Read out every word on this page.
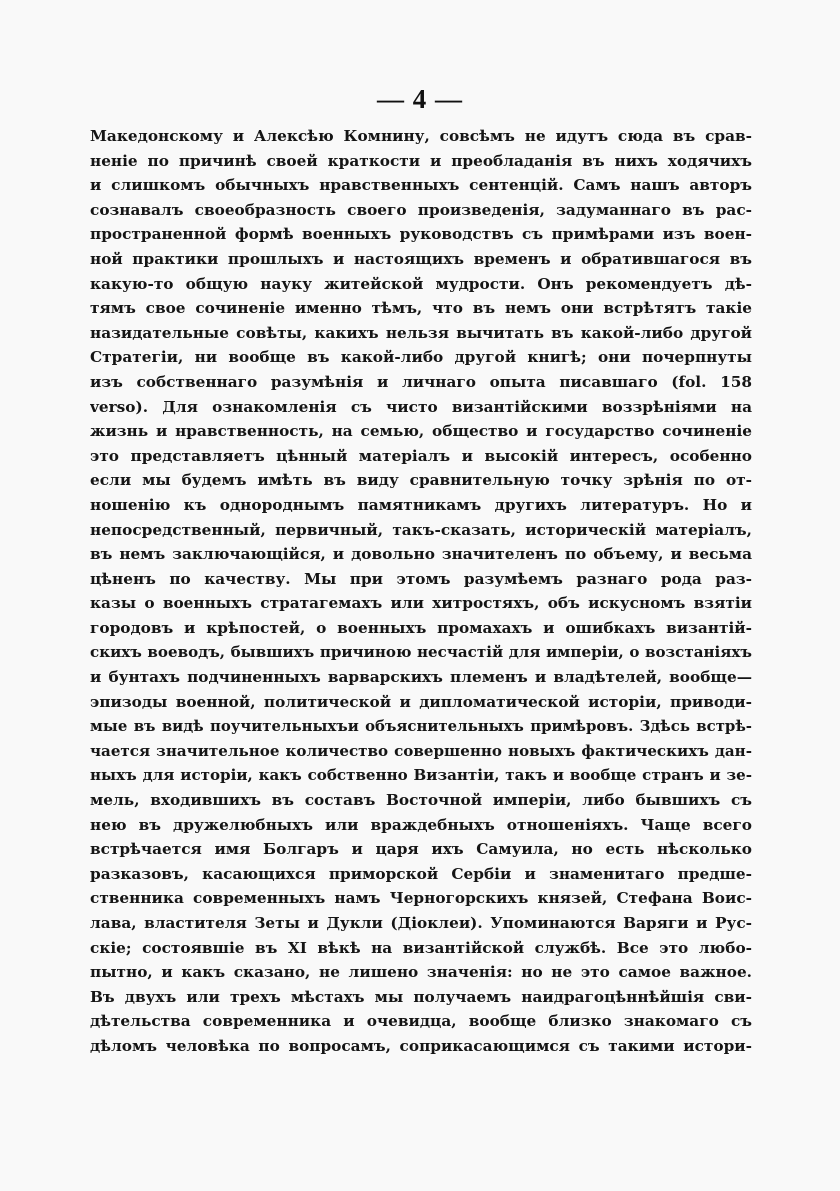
— 4 —
Македонскому и Алексѣю Комнину, совсѣмъ не идутъ сюда въ срав-
неніе по причинѣ своей краткости и преобладанія въ нихъ ходячихъ
и слишкомъ обычныхъ нравственныхъ сентенцій. Самъ нашъ авторъ
сознавалъ своеобразность своего произведенія, задуманнаго въ рас-
пространенной формѣ военныхъ руководствъ съ примѣрами изъ воен-
ной практики прошлыхъ и настоящихъ временъ и обратившагося въ
какую-то общую науку житейской мудрости. Онъ рекомендуетъ дѣ-
тямъ свое сочиненіе именно тѣмъ, что въ немъ они встрѣтятъ такіе
назидательные совѣты, какихъ нельзя вычитать въ какой-либо другой
Стратегіи, ни вообще въ какой-либо другой книгѣ; они почерпнуты
изъ собственнаго разумѣнія и личнаго опыта писавшаго (fol. 158
verso). Для ознакомленія съ чисто византійскими воззрѣніями на
жизнь и нравственность, на семью, общество и государство сочиненіе
это представляетъ цѣнный матеріалъ и высокій интересъ, особенно
если мы будемъ имѣть въ виду сравнительную точку зрѣнія по от-
ношенію къ однороднымъ памятникамъ другихъ литературъ. Но и
непосредственный, первичный, такъ-сказать, историческій матеріалъ,
въ немъ заключающійся, и довольно значителенъ по объему, и весьма
цѣненъ по качеству. Мы при этомъ разумѣемъ разнаго рода раз-
казы о военныхъ стратагемахъ или хитростяхъ, объ искусномъ взятіи
городовъ и крѣпостей, о военныхъ промахахъ и ошибкахъ византій-
скихъ воеводъ, бывшихъ причиною несчастій для имперіи, о возстаніяхъ
и бунтахъ подчиненныхъ варварскихъ племенъ и владѣтелей, вообще—
эпизоды военной, политической и дипломатической исторіи, приводи-
мые въ видѣ поучительныхъи объяснительныхъ примѣровъ. Здѣсь встрѣ-
чается значительное количество совершенно новыхъ фактическихъ дан-
ныхъ для исторіи, какъ собственно Византіи, такъ и вообще странъ и зе-
мель, входившихъ въ составъ Восточной имперіи, либо бывшихъ съ
нею въ дружелюбныхъ или враждебныхъ отношеніяхъ. Чаще всего
встрѣчается имя Болгаръ и царя ихъ Самуила, но есть нѣсколько
разказовъ, касающихся приморской Сербіи и знаменитаго предше-
ственника современныхъ намъ Черногорскихъ князей, Стефана Воис-
лава, властителя Зеты и Дукли (Діоклеи). Упоминаются Варяги и Рус-
скіе; состоявшіе въ XI вѣкѣ на византійской службѣ. Все это любо-
пытно, и какъ сказано, не лишено значенія: но не это самое важное.
Въ двухъ или трехъ мѣстахъ мы получаемъ наидрагоцѣннѣйшія сви-
дѣтельства современника и очевидца, вообще близко знакомаго съ
дѣломъ человѣка по вопросамъ, соприкасающимся съ такими истори-
